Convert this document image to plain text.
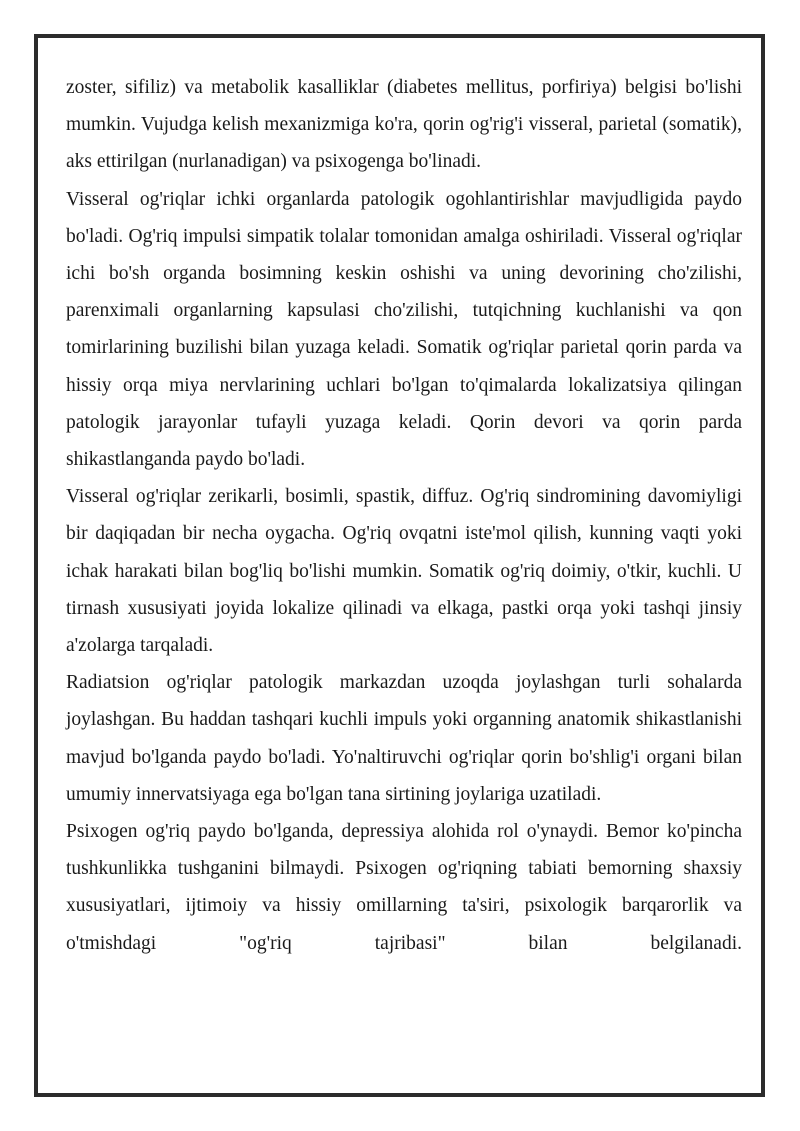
zoster, sifiliz) va metabolik kasalliklar (diabetes mellitus, porfiriya) belgisi bo'lishi mumkin. Vujudga kelish mexanizmiga ko'ra, qorin og'rig'i visseral, parietal (somatik), aks ettirilgan (nurlanadigan) va psixogenga bo'linadi.

Visseral og'riqlar ichki organlarda patologik ogohlantirishlar mavjudligida paydo bo'ladi. Og'riq impulsi simpatik tolalar tomonidan amalga oshiriladi. Visseral og'riqlar ichi bo'sh organda bosimning keskin oshishi va uning devorining cho'zilishi, parenximali organlarning kapsulasi cho'zilishi, tutqichning kuchlanishi va qon tomirlarining buzilishi bilan yuzaga keladi. Somatik og'riqlar parietal qorin parda va hissiy orqa miya nervlarining uchlari bo'lgan to'qimalarda lokalizatsiya qilingan patologik jarayonlar tufayli yuzaga keladi. Qorin devori va qorin parda shikastlanganda paydo bo'ladi.

Visseral og'riqlar zerikarli, bosimli, spastik, diffuz. Og'riq sindromining davomiyligi bir daqiqadan bir necha oygacha. Og'riq ovqatni iste'mol qilish, kunning vaqti yoki ichak harakati bilan bog'liq bo'lishi mumkin. Somatik og'riq doimiy, o'tkir, kuchli. U tirnash xususiyati joyida lokalize qilinadi va elkaga, pastki orqa yoki tashqi jinsiy a'zolarga tarqaladi.

Radiatsion og'riqlar patologik markazdan uzoqda joylashgan turli sohalarda joylashgan. Bu haddan tashqari kuchli impuls yoki organning anatomik shikastlanishi mavjud bo'lganda paydo bo'ladi. Yo'naltiruvchi og'riqlar qorin bo'shlig'i organi bilan umumiy innervatsiyaga ega bo'lgan tana sirtining joylariga uzatiladi.

Psixogen og'riq paydo bo'lganda, depressiya alohida rol o'ynaydi. Bemor ko'pincha tushkunlikka tushganini bilmaydi. Psixogen og'riqning tabiati bemorning shaxsiy xususiyatlari, ijtimoiy va hissiy omillarning ta'siri, psixologik barqarorlik va o'tmishdagi "og'riq tajribasi" bilan belgilanadi.
